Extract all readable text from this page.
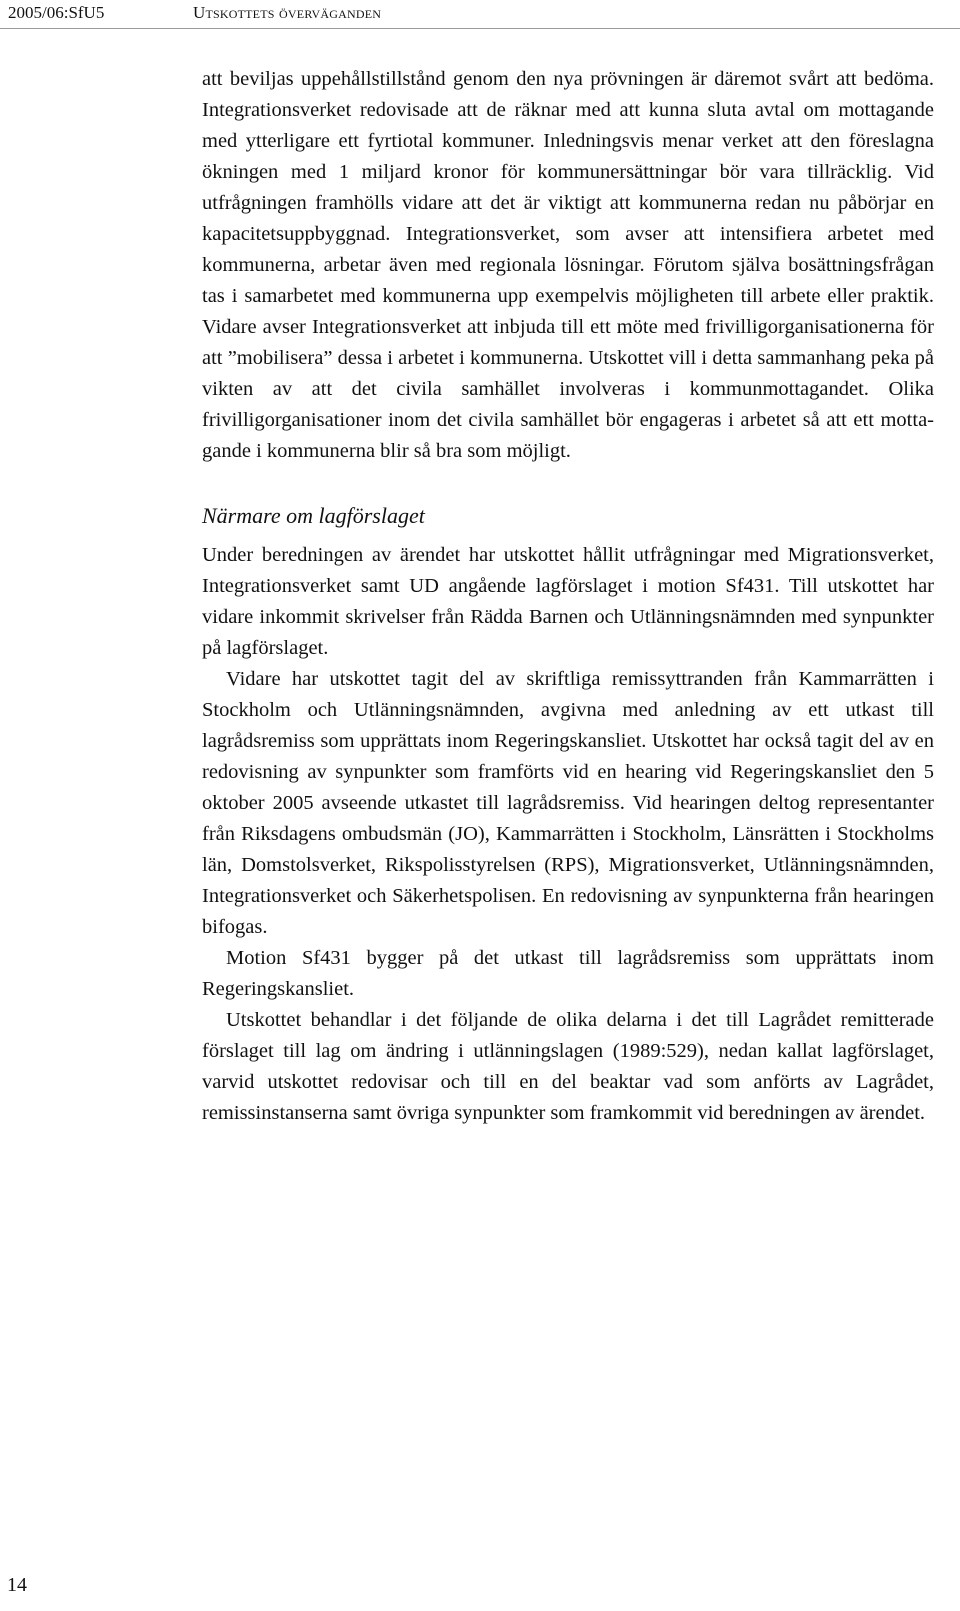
2005/06:SfU5	Utskottets överväganden

att beviljas uppehållstillstånd genom den nya prövningen är däremot svårt att bedöma. Integrationsverket redovisade att de räknar med att kunna sluta avtal om mottagande med ytterligare ett fyrtiotal kommuner. Inledningsvis menar verket att den föreslagna ökningen med 1 miljard kronor för kommunersättningar bör vara tillräcklig. Vid utfrågningen framhölls vidare att det är viktigt att kommunerna redan nu påbörjar en kapacitetsuppbyggnad. Integrationsverket, som avser att intensifiera arbetet med kommunerna, arbetar även med regionala lösningar. Förutom själva bosättningsfrågan tas i samarbetet med kommunerna upp exempelvis möjligheten till arbete eller praktik. Vidare avser Integrationsverket att inbjuda till ett möte med frivilligorganisationerna för att ”mobilisera” dessa i arbetet i kommunerna. Utskottet vill i detta sammanhang peka på vikten av att det civila samhället involveras i kommunmottagandet. Olika frivilligorganisationer inom det civila samhället bör engageras i arbetet så att ett mottagande i kommunerna blir så bra som möjligt.

Närmare om lagförslaget

Under beredningen av ärendet har utskottet hållit utfrågningar med Migrationsverket, Integrationsverket samt UD angående lagförslaget i motion Sf431. Till utskottet har vidare inkommit skrivelser från Rädda Barnen och Utlänningsnämnden med synpunkter på lagförslaget.

Vidare har utskottet tagit del av skriftliga remissyttranden från Kammarrätten i Stockholm och Utlänningsnämnden, avgivna med anledning av ett utkast till lagrådsremiss som upprättats inom Regeringskansliet. Utskottet har också tagit del av en redovisning av synpunkter som framförts vid en hearing vid Regeringskansliet den 5 oktober 2005 avseende utkastet till lagrådsremiss. Vid hearingen deltog representanter från Riksdagens ombudsmän (JO), Kammarrätten i Stockholm, Länsrätten i Stockholms län, Domstolsverket, Rikspolisstyrelsen (RPS), Migrationsverket, Utlänningsnämnden, Integrationsverket och Säkerhetspolisen. En redovisning av synpunkterna från hearingen bifogas.

Motion Sf431 bygger på det utkast till lagrådsremiss som upprättats inom Regeringskansliet.

Utskottet behandlar i det följande de olika delarna i det till Lagrådet remitterade förslaget till lag om ändring i utlänningslagen (1989:529), nedan kallat lagförslaget, varvid utskottet redovisar och till en del beaktar vad som anförts av Lagrådet, remissinstanserna samt övriga synpunkter som framkommit vid beredningen av ärendet.

14
